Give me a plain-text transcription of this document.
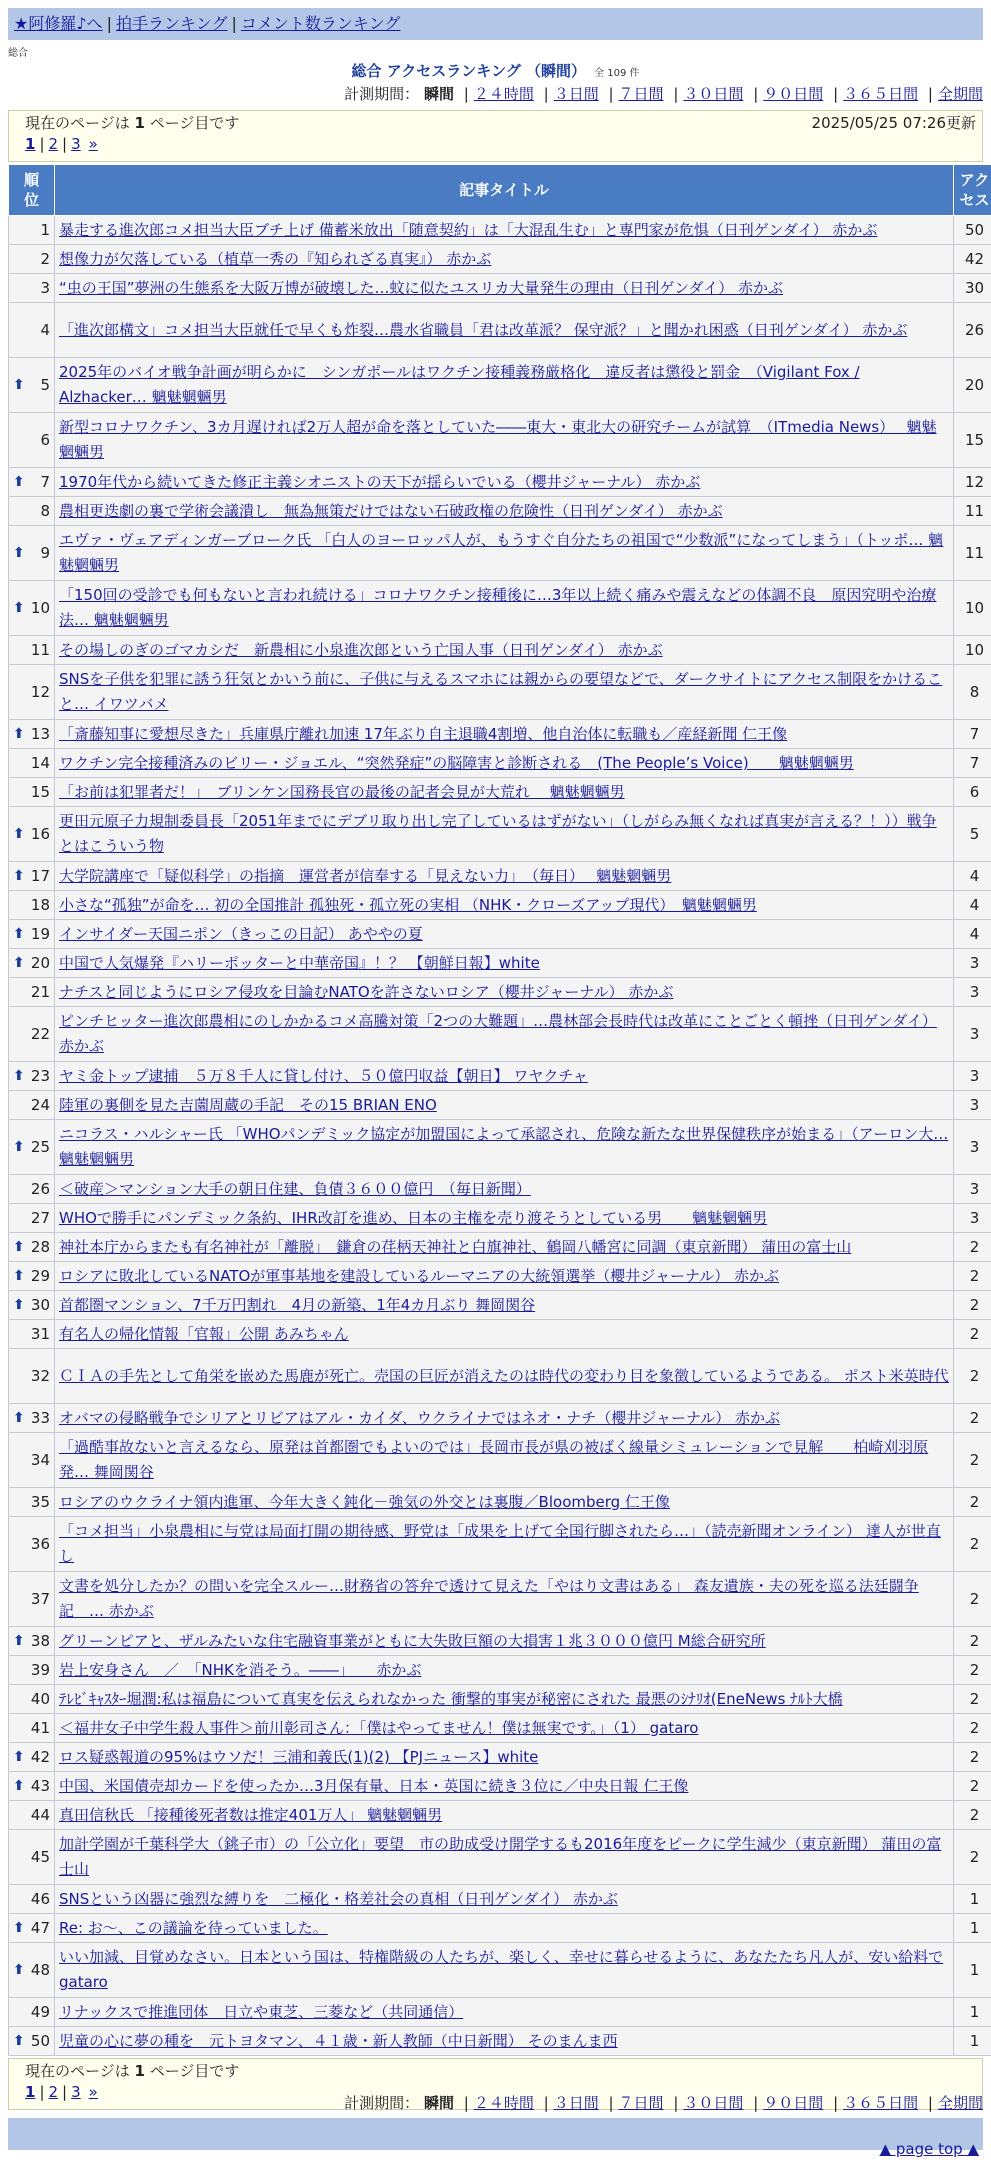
★阿修羅♪へ | 拍手ランキング | コメント数ランキング
総合
総合 アクセスランキング （瞬間） 全 109 件
計測期間： 瞬間 | ２４時間 | ３日間 | ７日間 | ３０日間 | ９０日間 | ３６５日間 | 全期間
現在のページは 1 ページ目です	2025/05/25 07:26更新
1 | 2 | 3 »
順
位	記事タイトル	アク
セス
1	暴走する進次郎コメ担当大臣ブチ上げ 備蓄米放出「随意契約」は「大混乱生む」と専門家が危惧（日刊ゲンダイ） 赤かぶ	50
2	想像力が欠落している（植草一秀の『知られざる真実』） 赤かぶ	42
3	“虫の王国”夢洲の生態系を大阪万博が破壊した…蚊に似たユスリカ大量発生の理由（日刊ゲンダイ） 赤かぶ	30
4	「進次郎構文」コメ担当大臣就任で早くも炸裂…農水省職員「君は改革派？ 保守派？」と聞かれ困惑（日刊ゲンダイ） 赤かぶ	26

⬆ 5	2025年のバイオ戦争計画が明らかに　シンガポールはワクチン接種義務厳格化　違反者は懲役と罰金　（Vigilant Fox / Alzhacker… 魑魅魍魎男	20
6	新型コロナワクチン、3カ月遅ければ2万人超が命を落としていた――東大・東北大の研究チームが試算　（ITmedia News）　 魑魅魍魎男	15

⬆ 7	1970年代から続いてきた修正主義シオニストの天下が揺らいでいる（櫻井ジャーナル） 赤かぶ	12
8	農相更迭劇の裏で学術会議潰し　無為無策だけではない石破政権の危険性（日刊ゲンダイ） 赤かぶ	11

⬆ 9	エヴァ・ヴェアディンガーブローク氏 「白人のヨーロッパ人が、もうすぐ自分たちの祖国で“少数派”になってしまう」（トッポ… 魑魅魍魎男	11

⬆ 10	「150回の受診でも何もないと言われ続ける」コロナワクチン接種後に…3年以上続く痛みや震えなどの体調不良　原因究明や治療法… 魑魅魍魎男	10
11	その場しのぎのゴマカシだ　新農相に小泉進次郎という亡国人事（日刊ゲンダイ） 赤かぶ	10
12	SNSを子供を犯罪に誘う狂気とかいう前に、子供に与えるスマホには親からの要望などで、ダークサイトにアクセス制限をかけること… イワツバメ	8

⬆ 13	「斎藤知事に愛想尽きた」兵庫県庁離れ加速 17年ぶり自主退職4割増、他自治体に転職も／産経新聞 仁王像	7
14	ワクチン完全接種済みのビリー・ジョエル、“突然発症”の脳障害と診断される　(The People’s Voice)　　魑魅魍魎男	7
15	「お前は犯罪者だ！」　ブリンケン国務長官の最後の記者会見が大荒れ　 魑魅魍魎男	6

⬆ 16	更田元原子力規制委員長「2051年までにデブリ取り出し完了しているはずがない」（しがらみ無くなれば真実が言える？！））戦争とはこういう物	5

⬆ 17	大学院講座で「疑似科学」の指摘　運営者が信奉する「見えない力」　（毎日）　 魑魅魍魎男	4
18	小さな“孤独”が命を… 初の全国推計 孤独死・孤立死の実相 （NHK・クローズアップ現代）　魑魅魍魎男	4

⬆ 19	インサイダー天国ニポン（きっこの日記） あややの夏	4

⬆ 20	中国で人気爆発『ハリーポッターと中華帝国』！？ 【朝鮮日報】white	3
21	ナチスと同じようにロシア侵攻を目論むNATOを許さないロシア（櫻井ジャーナル） 赤かぶ	3
22	ピンチヒッター進次郎農相にのしかかるコメ高騰対策「2つの大難題」…農林部会長時代は改革にことごとく頓挫（日刊ゲンダイ） 赤かぶ	3

⬆ 23	ヤミ金トップ逮捕　５万８千人に貸し付け、５０億円収益【朝日】 ワヤクチャ	3
24	陸軍の裏側を見た吉薗周蔵の手記　その15 BRIAN ENO	3

⬆ 25	ニコラス・ハルシャー氏 「WHOパンデミック協定が加盟国によって承認され、危険な新たな世界保健秩序が始まる」（アーロン大… 魑魅魍魎男	3
26	＜破産＞マンション大手の朝日住建、負債３６００億円　（毎日新聞）	3
27	WHOで勝手にパンデミック条約、IHR改訂を進め、日本の主権を売り渡そうとしている男　　魑魅魍魎男	3

⬆ 28	神社本庁からまたも有名神社が「離脱」　鎌倉の荏柄天神社と白旗神社、鶴岡八幡宮に同調（東京新聞） 蒲田の富士山	2

⬆ 29	ロシアに敗北しているNATOが軍事基地を建設しているルーマニアの大統領選挙（櫻井ジャーナル） 赤かぶ	2

⬆ 30	首都圏マンション、7千万円割れ　4月の新築、1年4カ月ぶり 舞岡関谷	2
31	有名人の帰化情報「官報」公開 あみちゃん	2
32	ＣＩＡの手先として角栄を嵌めた馬鹿が死亡。売国の巨匠が消えたのは時代の変わり目を象徴しているようである。 ポスト米英時代	2

⬆ 33	オバマの侵略戦争でシリアとリビアはアル・カイダ、ウクライナではネオ・ナチ（櫻井ジャーナル） 赤かぶ	2
34	「過酷事故ないと言えるなら、原発は首都圏でもよいのでは」長岡市長が県の被ばく線量シミュレーションで見解　　柏崎刈羽原発… 舞岡関谷	2
35	ロシアのウクライナ領内進軍、今年大きく鈍化－強気の外交とは裏腹／Bloomberg 仁王像	2
36	「コメ担当」小泉農相に与党は局面打開の期待感、野党は「成果を上げて全国行脚されたら…」（読売新聞オンライン） 達人が世直し	2
37	文書を処分したか？の問いを完全スルー…財務省の答弁で透けて見えた「やはり文書はある」 森友遺族・夫の死を巡る法廷闘争記　… 赤かぶ	2

⬆ 38	グリーンピアと、ザルみたいな住宅融資事業がともに大失敗巨額の大損害１兆３０００億円 M総合研究所	2
39	岩上安身さん　／　「NHKを消そう。――」　　赤かぶ	2
40	ﾃﾚﾋﾞｷｬｽﾀｰ堀潤:私は福島について真実を伝えられなかった 衝撃的事実が秘密にされた 最悪のｼﾅﾘｵ(EneNews ﾅﾙﾄ大橋	2
41	＜福井女子中学生殺人事件＞前川彰司さん：「僕はやってません！僕は無実です。」（1） gataro	2

⬆ 42	ロス疑惑報道の95%はウソだ！三浦和義氏(1)(2) 【PJニュース】white	2

⬆ 43	中国、米国債売却カードを使ったか…3月保有量、日本・英国に続き３位に／中央日報 仁王像	2
44	真田信秋氏 「接種後死者数は推定401万人」 魑魅魍魎男	2
45	加計学園が千葉科学大（銚子市）の「公立化」要望　市の助成受け開学するも2016年度をピークに学生減少（東京新聞） 蒲田の富士山	2
46	SNSという凶器に強烈な縛りを　二極化・格差社会の真相（日刊ゲンダイ） 赤かぶ	1

⬆ 47	Re: お～、この議論を待っていました。	1

⬆ 48	いい加減、目覚めなさい。日本という国は、特権階級の人たちが、楽しく、幸せに暮らせるように、あなたたち凡人が、安い給料で gataro	1
49	リナックスで推進団体　日立や東芝、三菱など（共同通信）	1

⬆ 50	児童の心に夢の種を　元トヨタマン、４１歳・新人教師（中日新聞） そのまんま西	1
現在のページは 1 ページ目です
1 | 2 | 3 »
計測期間： 瞬間 | ２４時間 | ３日間 | ７日間 | ３０日間 | ９０日間 | ３６５日間 | 全期間
▲ page top ▲
